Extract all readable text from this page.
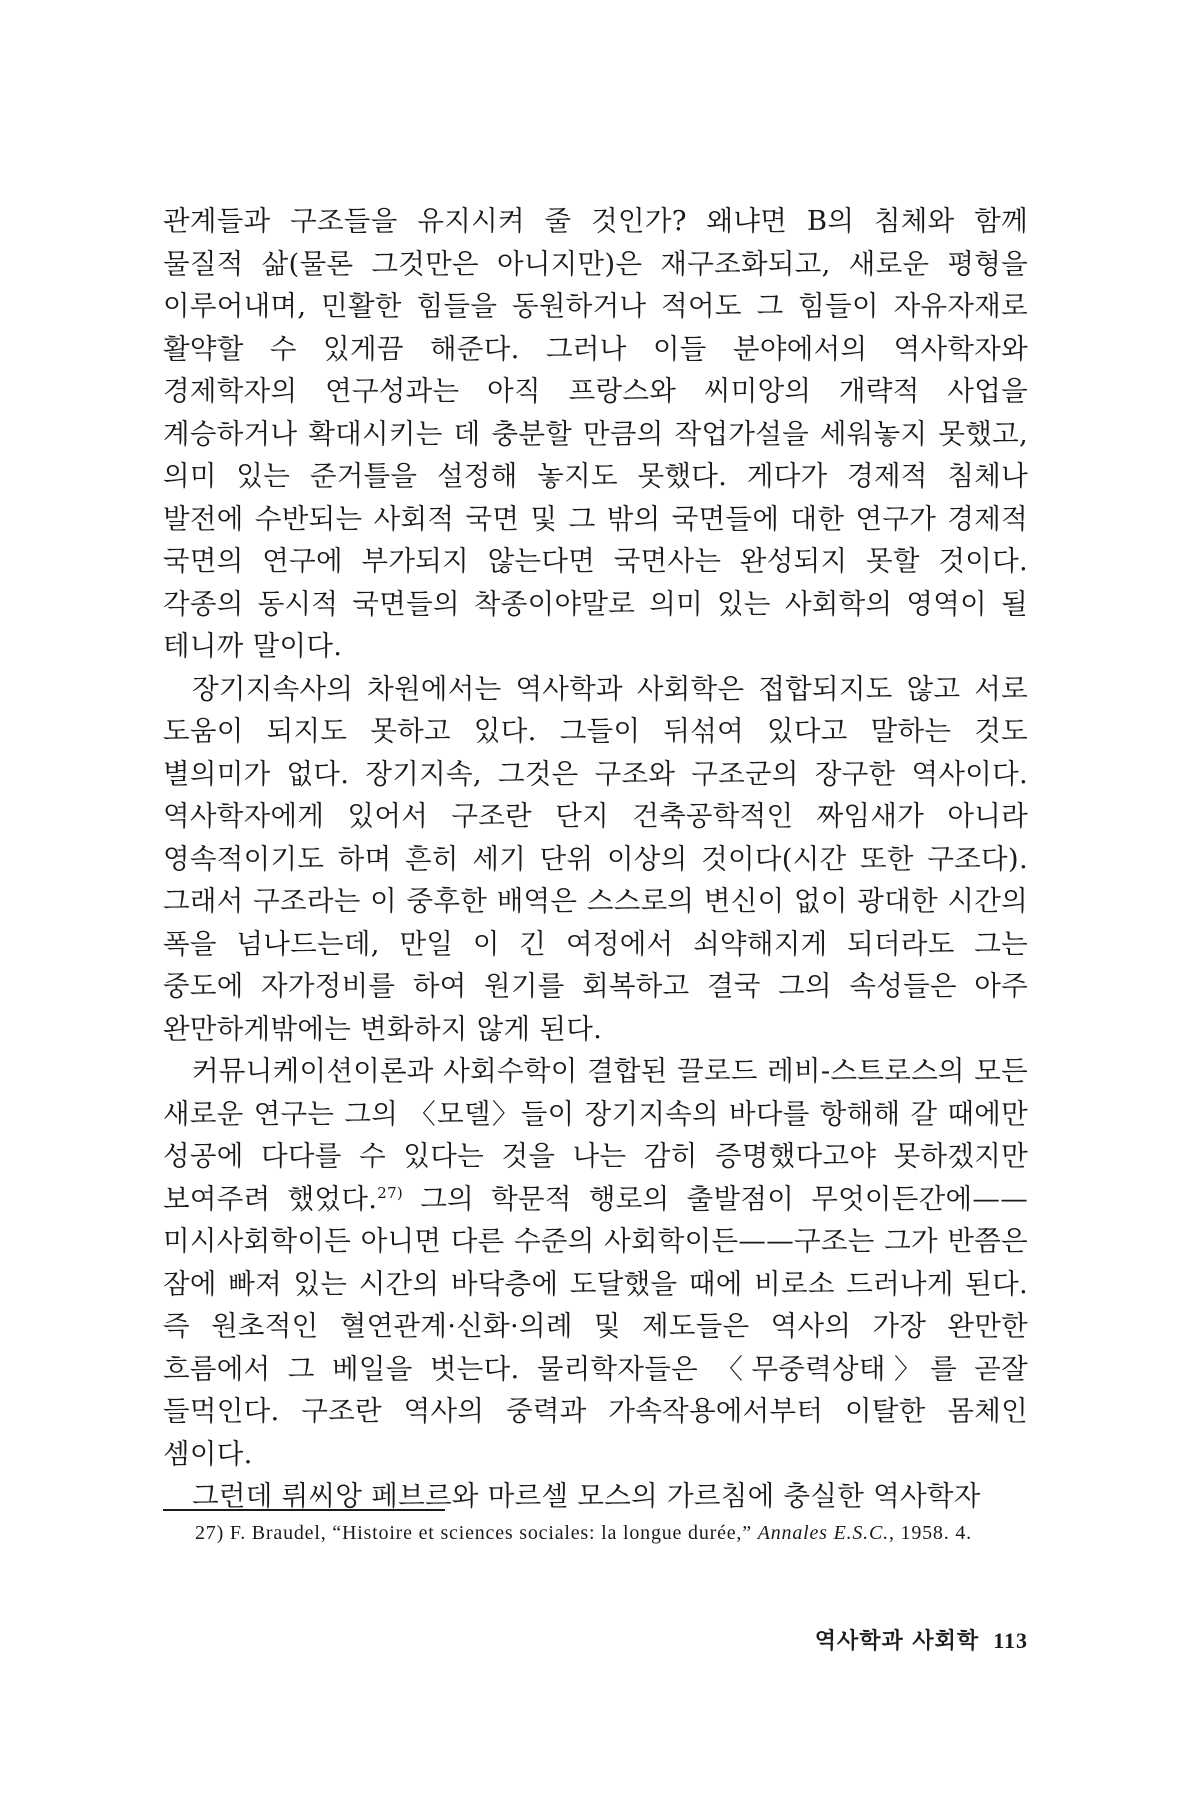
관계들과 구조들을 유지시켜 줄 것인가? 왜냐면 B의 침체와 함께 물질적 삶(물론 그것만은 아니지만)은 재구조화되고, 새로운 평형을 이루어내며, 민활한 힘들을 동원하거나 적어도 그 힘들이 자유자재로 활약할 수 있게끔 해준다. 그러나 이들 분야에서의 역사학자와 경제학자의 연구성과는 아직 프랑스와 씨미앙의 개략적 사업을 계승하거나 확대시키는 데 충분할 만큼의 작업가설을 세워놓지 못했고, 의미 있는 준거틀을 설정해 놓지도 못했다. 게다가 경제적 침체나 발전에 수반되는 사회적 국면 및 그 밖의 국면들에 대한 연구가 경제적 국면의 연구에 부가되지 않는다면 국면사는 완성되지 못할 것이다. 각종의 동시적 국면들의 착종이야말로 의미 있는 사회학의 영역이 될 테니까 말이다.

장기지속사의 차원에서는 역사학과 사회학은 접합되지도 않고 서로 도움이 되지도 못하고 있다. 그들이 뒤섞여 있다고 말하는 것도 별의미가 없다. 장기지속, 그것은 구조와 구조군의 장구한 역사이다. 역사학자에게 있어서 구조란 단지 건축공학적인 짜임새가 아니라 영속적이기도 하며 흔히 세기 단위 이상의 것이다(시간 또한 구조다). 그래서 구조라는 이 중후한 배역은 스스로의 변신이 없이 광대한 시간의 폭을 넘나드는데, 만일 이 긴 여정에서 쇠약해지게 되더라도 그는 중도에 자가정비를 하여 원기를 회복하고 결국 그의 속성들은 아주 완만하게밖에는 변화하지 않게 된다.

커뮤니케이션이론과 사회수학이 결합된 끌로드 레비-스트로스의 모든 새로운 연구는 그의 〈모델〉들이 장기지속의 바다를 항해해 갈 때에만 성공에 다다를 수 있다는 것을 나는 감히 증명했다고야 못하겠지만 보여주려 했었다.$^{27)}$ 그의 학문적 행로의 출발점이 무엇이든간에——미시사회학이든 아니면 다른 수준의 사회학이든——구조는 그가 반쯤은 잠에 빠져 있는 시간의 바닥층에 도달했을 때에 비로소 드러나게 된다. 즉 원초적인 혈연관계·신화·의례 및 제도들은 역사의 가장 완만한 흐름에서 그 베일을 벗는다. 물리학자들은 〈무중력상태〉를 곧잘 들먹인다. 구조란 역사의 중력과 가속작용에서부터 이탈한 몸체인 셈이다.

그런데 뤼씨앙 페브르와 마르셀 모스의 가르침에 충실한 역사학자

27) F. Braudel, “Histoire et sciences sociales: la longue durée,” Annales E.S.C., 1958. 4.
역사학과 사회학 113
